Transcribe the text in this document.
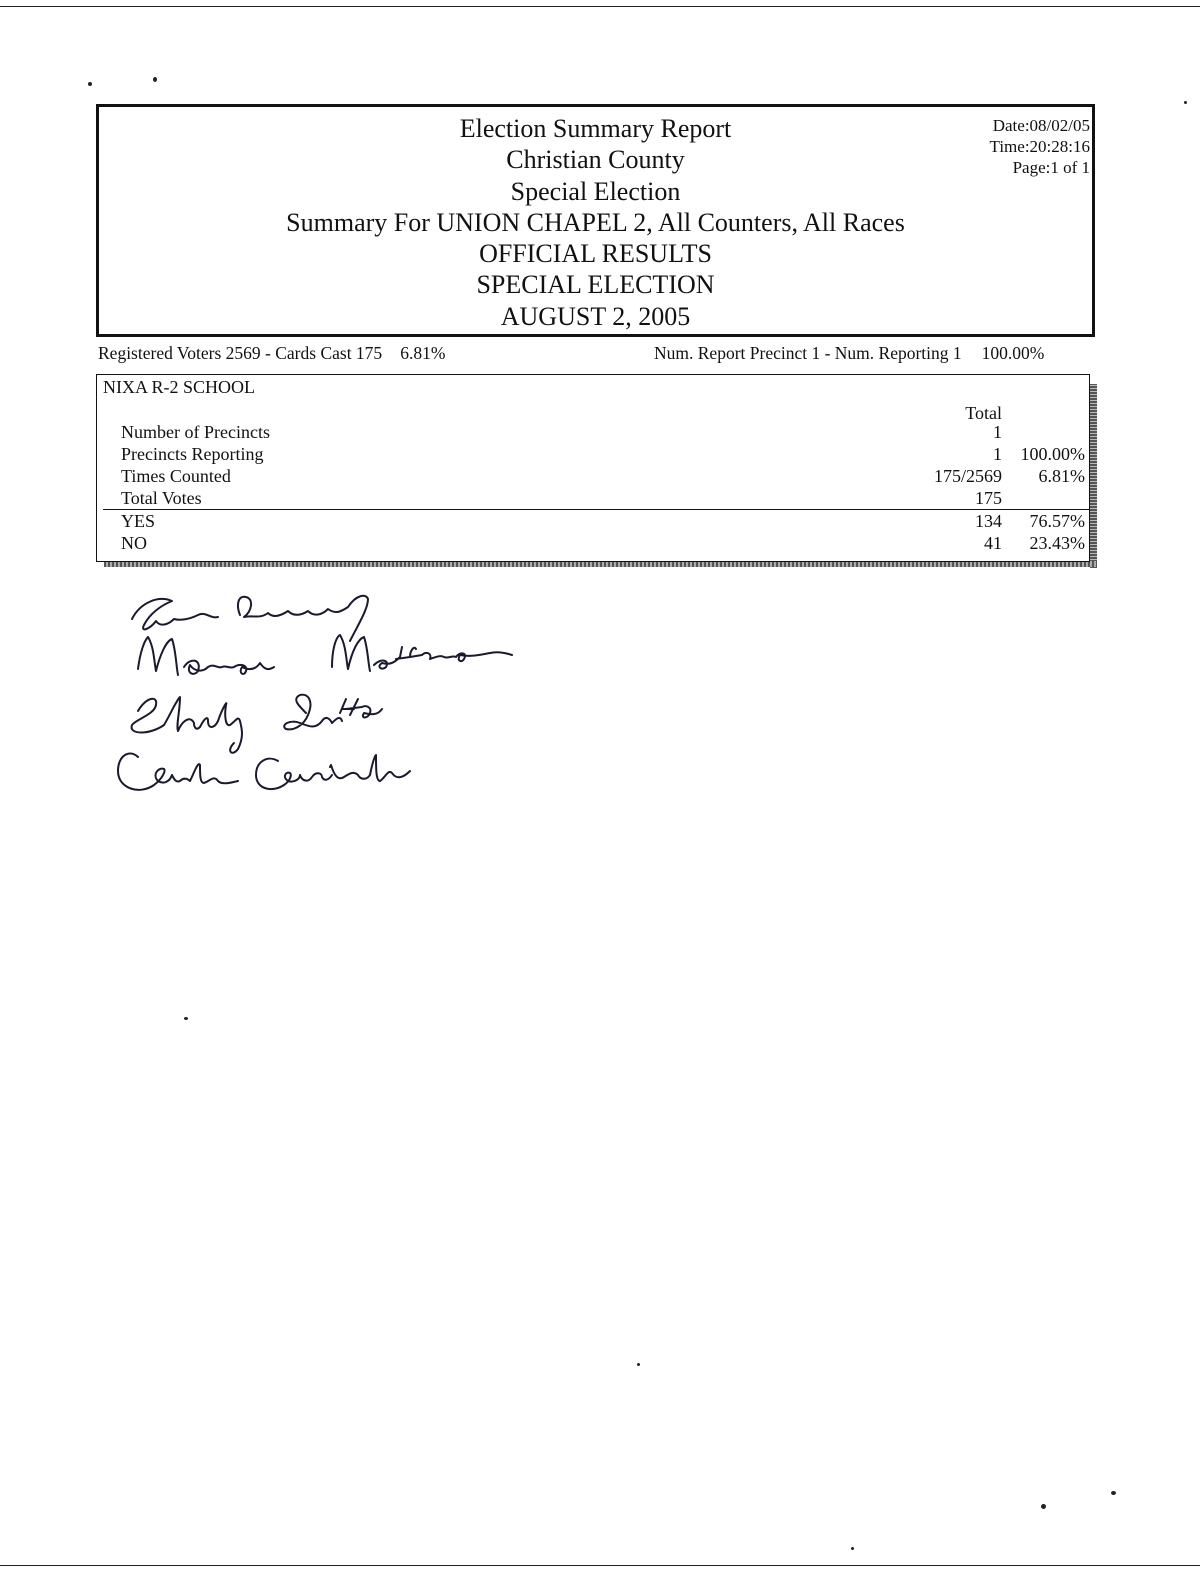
Election Summary Report
Christian County
Special Election
Summary For UNION CHAPEL 2, All Counters, All Races
OFFICIAL RESULTS
SPECIAL ELECTION
AUGUST 2, 2005
Date:08/02/05
Time:20:28:16
Page:1 of 1
Registered Voters 2569 - Cards Cast 175 6.81%	Num. Report Precinct 1 - Num. Reporting 1 100.00%
NIXA R-2 SCHOOL
Total
Number of Precincts	1
Precincts Reporting	1	100.00%
Times Counted	175/2569	6.81%
Total Votes	175
YES	134	76.57%
NO	41	23.43%
